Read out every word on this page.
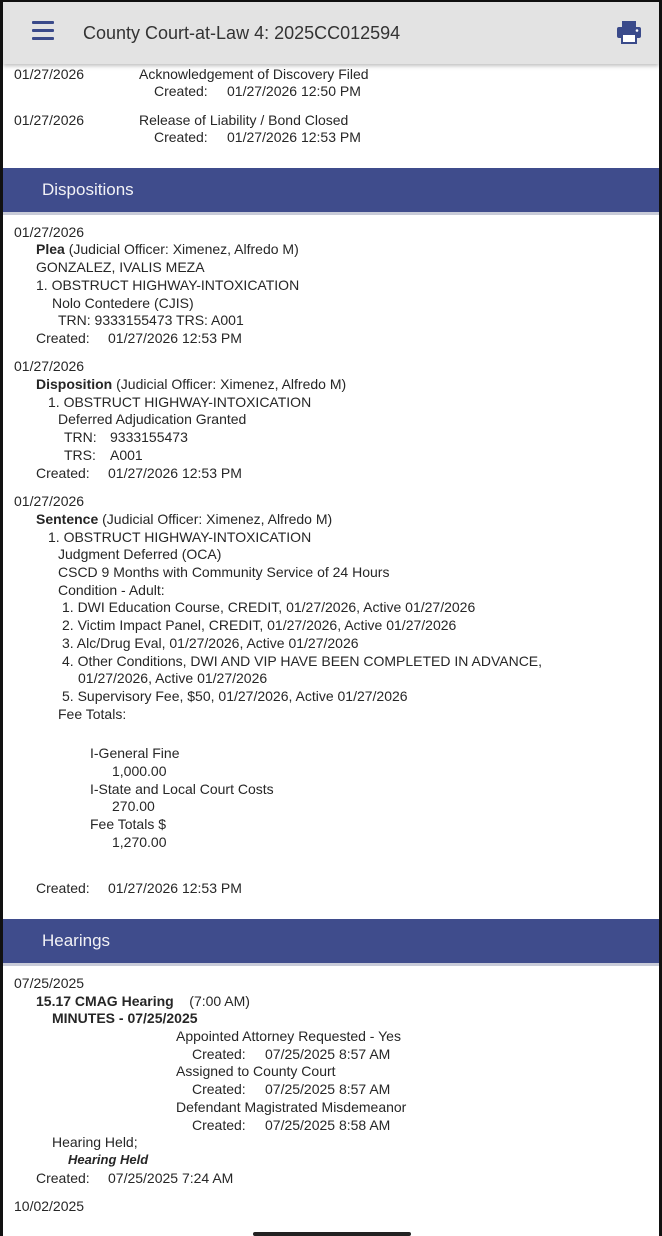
County Court-at-Law 4: 2025CC012594
01/27/2026	Acknowledgement of Discovery Filed
Created: 01/27/2026 12:50 PM
01/27/2026	Release of Liability / Bond Closed
Created: 01/27/2026 12:53 PM
Dispositions
01/27/2026
Plea (Judicial Officer: Ximenez, Alfredo M)
GONZALEZ, IVALIS MEZA
1. OBSTRUCT HIGHWAY-INTOXICATION
Nolo Contedere (CJIS)
TRN: 9333155473 TRS: A001
Created: 01/27/2026 12:53 PM
01/27/2026
Disposition (Judicial Officer: Ximenez, Alfredo M)
1. OBSTRUCT HIGHWAY-INTOXICATION
Deferred Adjudication Granted
TRN: 9333155473
TRS: A001
Created: 01/27/2026 12:53 PM
01/27/2026
Sentence (Judicial Officer: Ximenez, Alfredo M)
1. OBSTRUCT HIGHWAY-INTOXICATION
Judgment Deferred (OCA)
CSCD 9 Months with Community Service of 24 Hours
Condition - Adult:
1. DWI Education Course, CREDIT, 01/27/2026, Active 01/27/2026
2. Victim Impact Panel, CREDIT, 01/27/2026, Active 01/27/2026
3. Alc/Drug Eval, 01/27/2026, Active 01/27/2026
4. Other Conditions, DWI AND VIP HAVE BEEN COMPLETED IN ADVANCE,
01/27/2026, Active 01/27/2026
5. Supervisory Fee, $50, 01/27/2026, Active 01/27/2026
Fee Totals:
I-General Fine
1,000.00
I-State and Local Court Costs
270.00
Fee Totals $
1,270.00
Created: 01/27/2026 12:53 PM
Hearings
07/25/2025
15.17 CMAG Hearing (7:00 AM)
MINUTES - 07/25/2025
Appointed Attorney Requested - Yes
Created: 07/25/2025 8:57 AM
Assigned to County Court
Created: 07/25/2025 8:57 AM
Defendant Magistrated Misdemeanor
Created: 07/25/2025 8:58 AM
Hearing Held;
Hearing Held
Created: 07/25/2025 7:24 AM
10/02/2025
